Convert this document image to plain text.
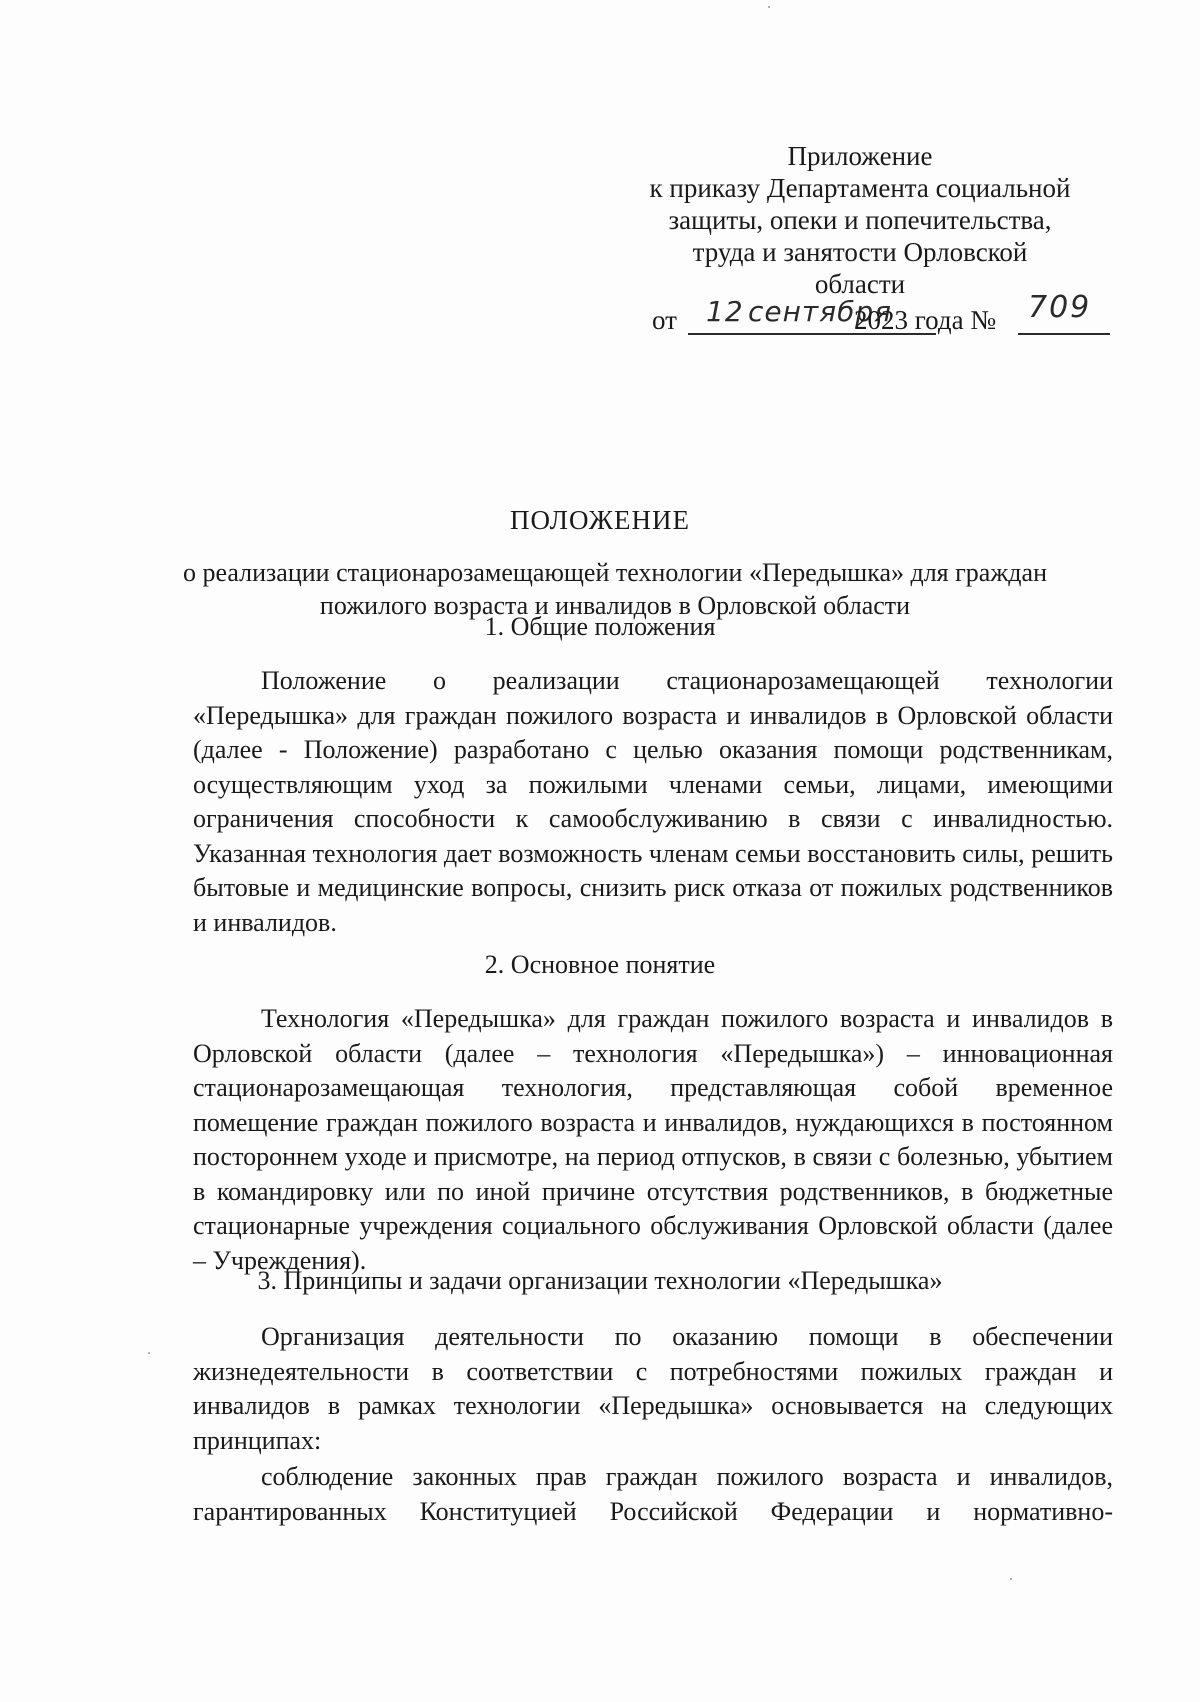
Приложение
к приказу Департамента социальной
защиты, опеки и попечительства,
труда и занятости Орловской
области
от 12 сентября
2023 года № 709
ПОЛОЖЕНИЕ
о реализации стационарозамещающей технологии «Передышка» для граждан пожилого возраста и инвалидов в Орловской области
1. Общие положения

Положение о реализации стационарозамещающей технологии «Передышка» для граждан пожилого возраста и инвалидов в Орловской области (далее - Положение) разработано с целью оказания помощи родственникам, осуществляющим уход за пожилыми членами семьи, лицами, имеющими ограничения способности к самообслуживанию в связи с инвалидностью. Указанная технология дает возможность членам семьи восстановить силы, решить бытовые и медицинские вопросы, снизить риск отказа от пожилых родственников и инвалидов.

2. Основное понятие

Технология «Передышка» для граждан пожилого возраста и инвалидов в Орловской области (далее – технология «Передышка») – инновационная стационарозамещающая технология, представляющая собой временное помещение граждан пожилого возраста и инвалидов, нуждающихся в постоянном постороннем уходе и присмотре, на период отпусков, в связи с болезнью, убытием в командировку или по иной причине отсутствия родственников, в бюджетные стационарные учреждения социального обслуживания Орловской области (далее – Учреждения).

3. Принципы и задачи организации технологии «Передышка»

Организация деятельности по оказанию помощи в обеспечении жизнедеятельности в соответствии с потребностями пожилых граждан и инвалидов в рамках технологии «Передышка» основывается на следующих принципах:

соблюдение законных прав граждан пожилого возраста и инвалидов, гарантированных Конституцией Российской Федерации и нормативно-
